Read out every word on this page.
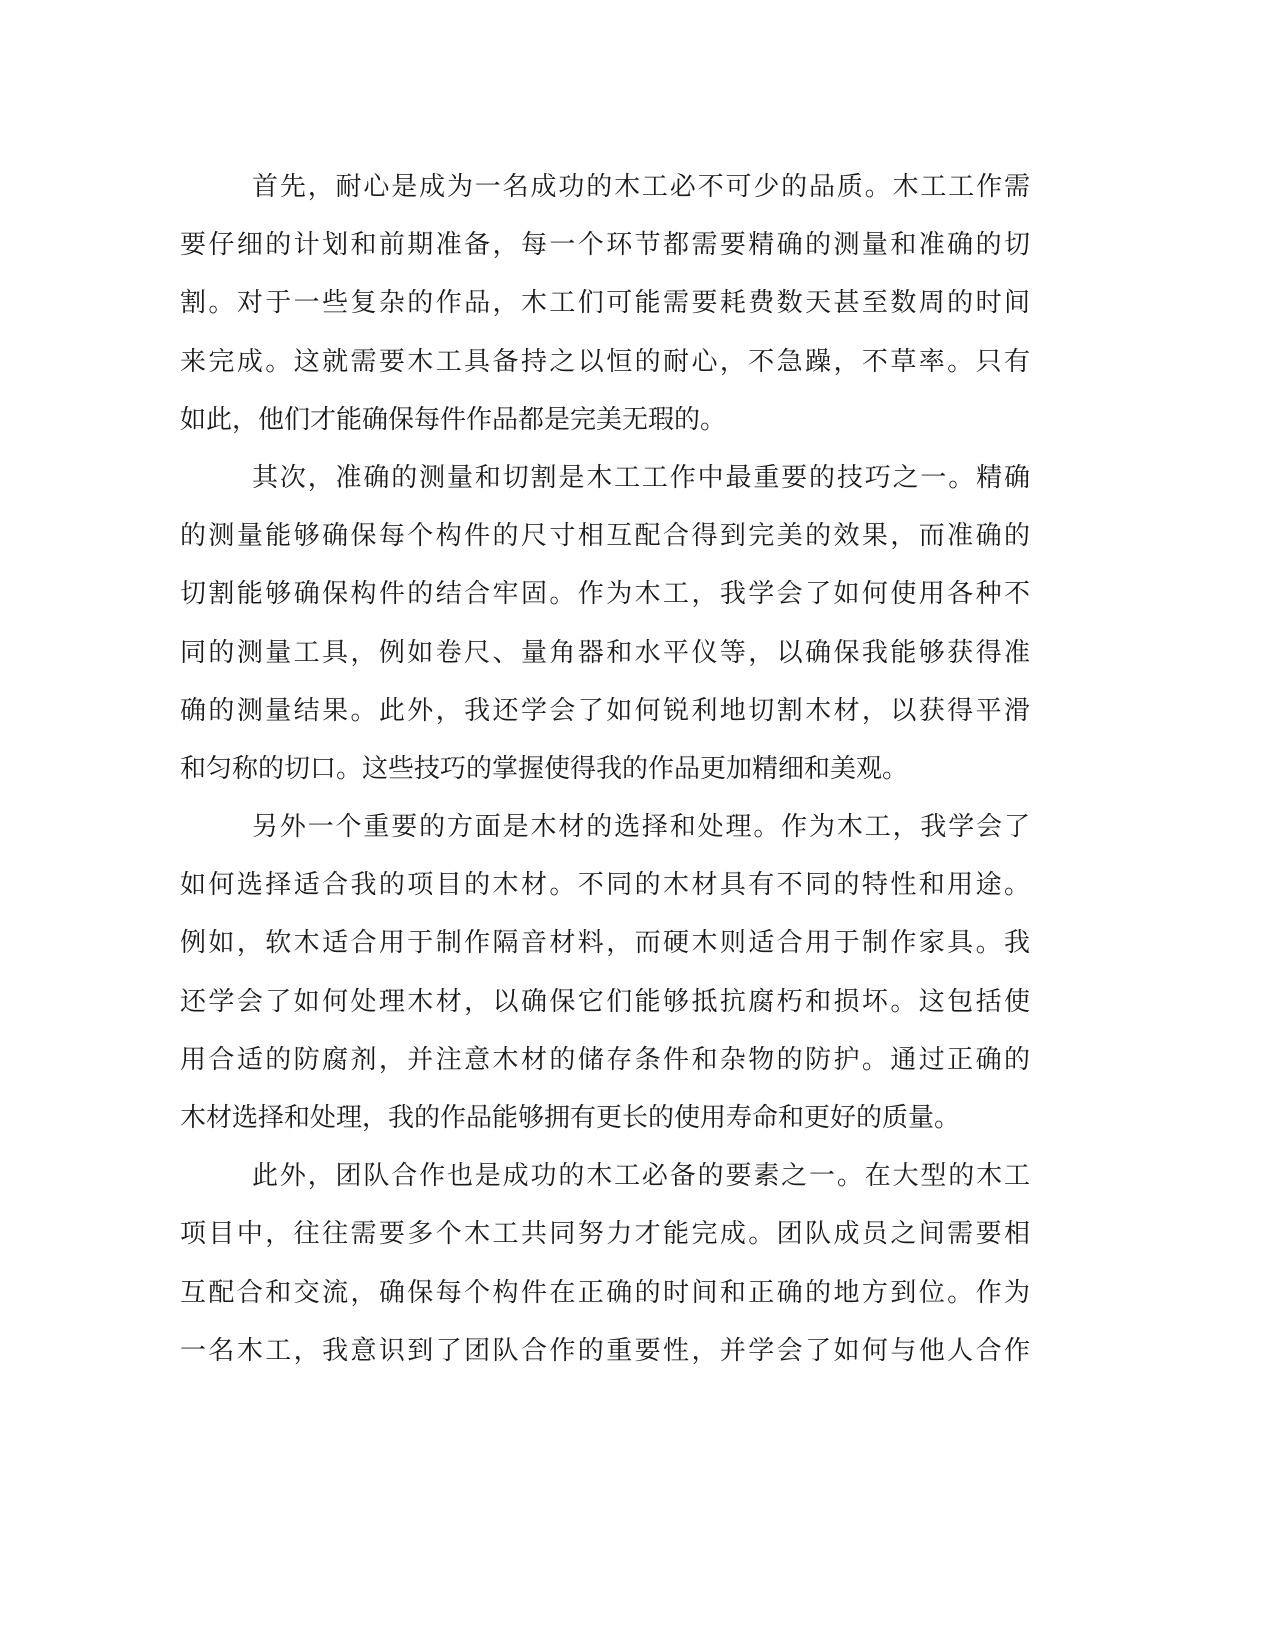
首先，耐心是成为一名成功的木工必不可少的品质。木工工作需
要仔细的计划和前期准备，每一个环节都需要精确的测量和准确的切
割。对于一些复杂的作品，木工们可能需要耗费数天甚至数周的时间
来完成。这就需要木工具备持之以恒的耐心，不急躁，不草率。只有
如此，他们才能确保每件作品都是完美无瑕的。
其次，准确的测量和切割是木工工作中最重要的技巧之一。精确
的测量能够确保每个构件的尺寸相互配合得到完美的效果，而准确的
切割能够确保构件的结合牢固。作为木工，我学会了如何使用各种不
同的测量工具，例如卷尺、量角器和水平仪等，以确保我能够获得准
确的测量结果。此外，我还学会了如何锐利地切割木材，以获得平滑
和匀称的切口。这些技巧的掌握使得我的作品更加精细和美观。
另外一个重要的方面是木材的选择和处理。作为木工，我学会了
如何选择适合我的项目的木材。不同的木材具有不同的特性和用途。
例如，软木适合用于制作隔音材料，而硬木则适合用于制作家具。我
还学会了如何处理木材，以确保它们能够抵抗腐朽和损坏。这包括使
用合适的防腐剂，并注意木材的储存条件和杂物的防护。通过正确的
木材选择和处理，我的作品能够拥有更长的使用寿命和更好的质量。
此外，团队合作也是成功的木工必备的要素之一。在大型的木工
项目中，往往需要多个木工共同努力才能完成。团队成员之间需要相
互配合和交流，确保每个构件在正确的时间和正确的地方到位。作为
一名木工，我意识到了团队合作的重要性，并学会了如何与他人合作
